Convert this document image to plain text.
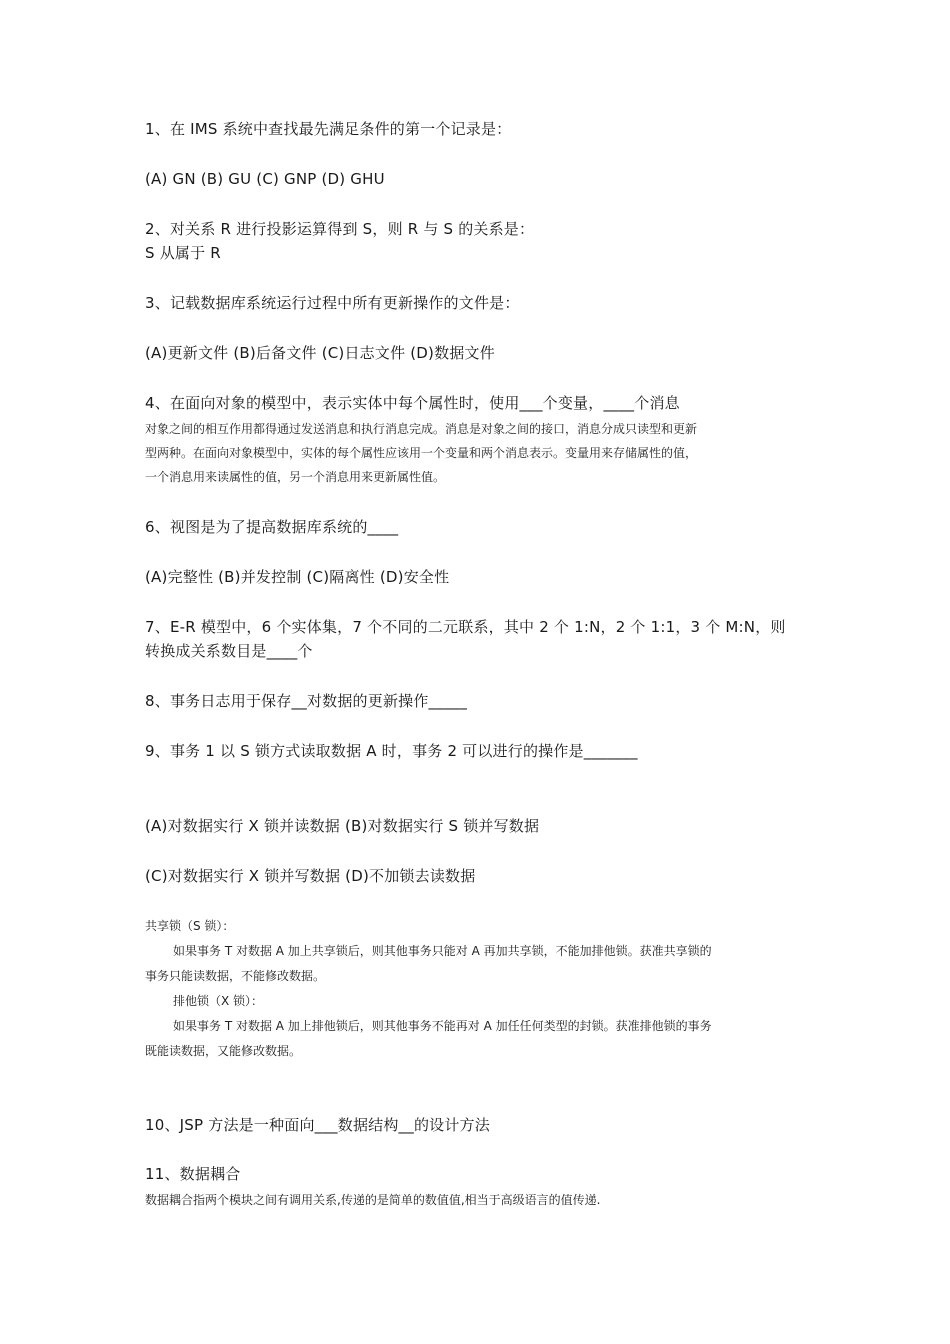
1、在 IMS 系统中查找最先满足条件的第一个记录是：

(A) GN (B) GU (C) GNP (D) GHU

2、对关系 R 进行投影运算得到 S，则 R 与 S 的关系是：

S 从属于 R

3、记载数据库系统运行过程中所有更新操作的文件是：

(A)更新文件 (B)后备文件 (C)日志文件 (D)数据文件

4、在面向对象的模型中，表示实体中每个属性时，使用___个变量，____个消息

对象之间的相互作用都得通过发送消息和执行消息完成。消息是对象之间的接口，消息分成只读型和更新

型两种。在面向对象模型中，实体的每个属性应该用一个变量和两个消息表示。变量用来存储属性的值，

一个消息用来读属性的值，另一个消息用来更新属性值。

6、视图是为了提高数据库系统的____

(A)完整性 (B)并发控制 (C)隔离性 (D)安全性

7、E-R 模型中，6 个实体集，7 个不同的二元联系，其中 2 个 1:N，2 个 1:1，3 个 M:N，则

转换成关系数目是____个

8、事务日志用于保存__对数据的更新操作_____

9、事务 1 以 S 锁方式读取数据 A 时，事务 2 可以进行的操作是_______

(A)对数据实行 X 锁并读数据 (B)对数据实行 S 锁并写数据

(C)对数据实行 X 锁并写数据 (D)不加锁去读数据

共享锁（S 锁）：

如果事务 T 对数据 A 加上共享锁后，则其他事务只能对 A 再加共享锁，不能加排他锁。获准共享锁的

事务只能读数据，不能修改数据。

排他锁（X 锁）：

如果事务 T 对数据 A 加上排他锁后，则其他事务不能再对 A 加任任何类型的封锁。获准排他锁的事务

既能读数据，又能修改数据。

10、JSP 方法是一种面向___数据结构__的设计方法

11、数据耦合

数据耦合指两个模块之间有调用关系,传递的是简单的数值值,相当于高级语言的值传递.
